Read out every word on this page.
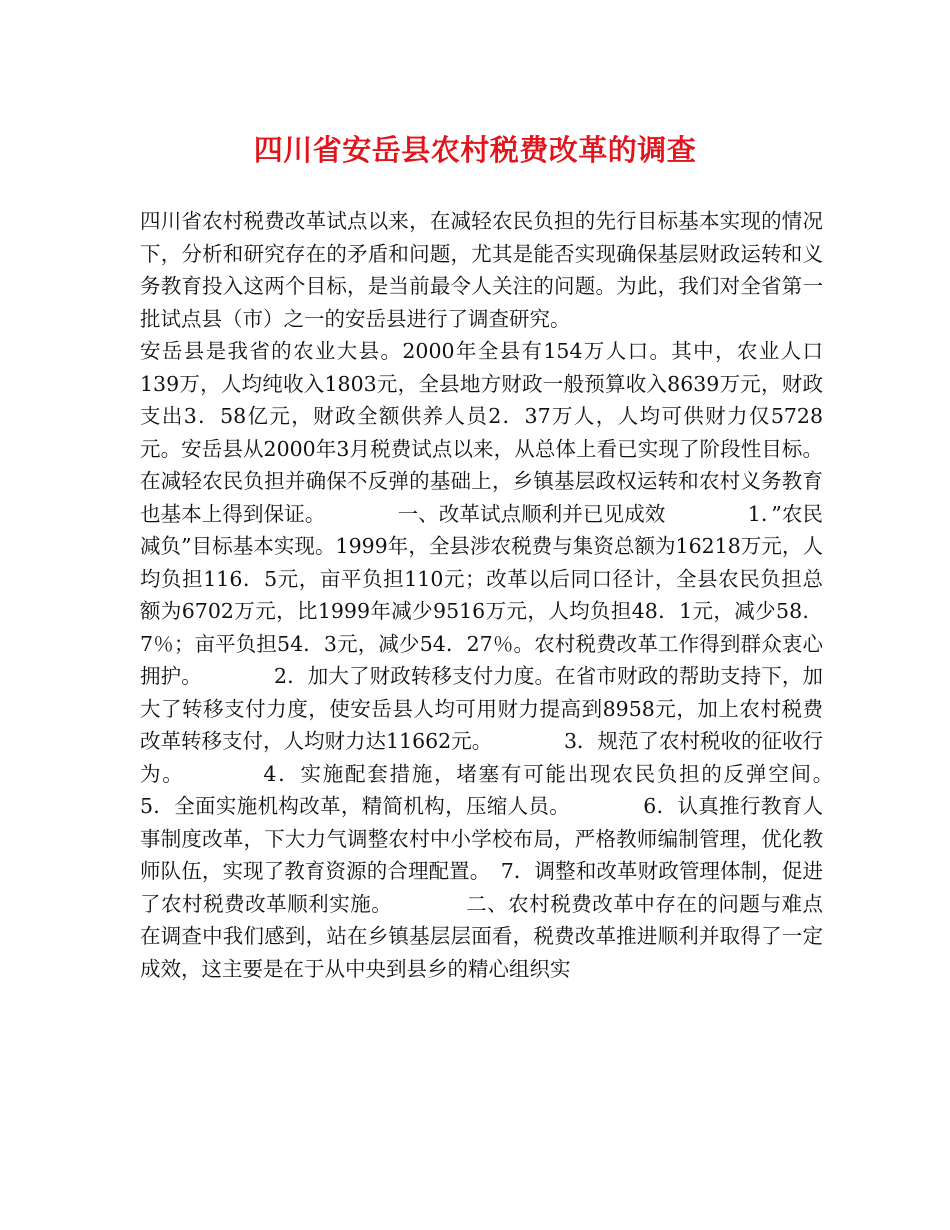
四川省安岳县农村税费改革的调查

四川省农村税费改革试点以来，在减轻农民负担的先行目标基本实现的情况下，分析和研究存在的矛盾和问题，尤其是能否实现确保基层财政运转和义务教育投入这两个目标，是当前最令人关注的问题。为此，我们对全省第一批试点县（市）之一的安岳县进行了调查研究。

安岳县是我省的农业大县。2000年全县有154万人口。其中，农业人口139万，人均纯收入1803元，全县地方财政一般预算收入8639万元，财政支出3．58亿元，财政全额供养人员2．37万人，人均可供财力仅5728元。安岳县从2000年3月税费试点以来，从总体上看已实现了阶段性目标。在减轻农民负担并确保不反弹的基础上，乡镇基层政权运转和农村义务教育也基本上得到保证。　　　　一、改革试点顺利并已见成效　　　　1．”农民减负”目标基本实现。1999年，全县涉农税费与集资总额为16218万元，人均负担116．5元，亩平负担110元；改革以后同口径计，全县农民负担总额为6702万元，比1999年减少9516万元，人均负担48．1元，减少58．7％；亩平负担54．3元，减少54．27％。农村税费改革工作得到群众衷心拥护。　　　　2．加大了财政转移支付力度。在省市财政的帮助支持下，加大了转移支付力度，使安岳县人均可用财力提高到8958元，加上农村税费改革转移支付，人均财力达11662元。　　　　3．规范了农村税收的征收行为。　　　　4．实施配套措施，堵塞有可能出现农民负担的反弹空间。　　5．全面实施机构改革，精简机构，压缩人员。　　　　6．认真推行教育人事制度改革，下大力气调整农村中小学校布局，严格教师编制管理，优化教师队伍，实现了教育资源的合理配置。　7．调整和改革财政管理体制，促进了农村税费改革顺利实施。　　　　二、农村税费改革中存在的问题与难点　　　　在调查中我们感到，站在乡镇基层层面看，税费改革推进顺利并取得了一定成效，这主要是在于从中央到县乡的精心组织实
